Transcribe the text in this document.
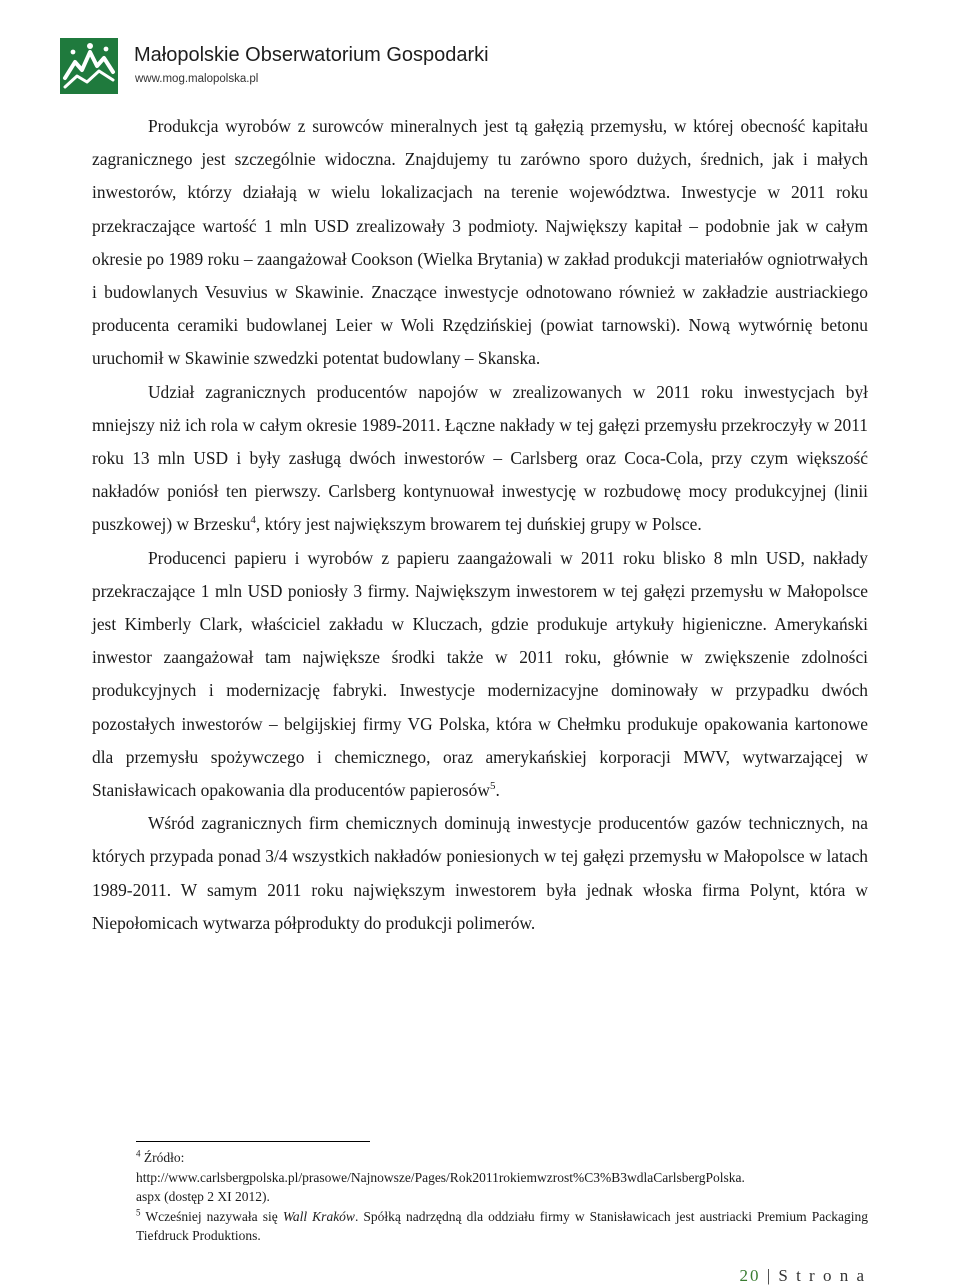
Małopolskie Obserwatorium Gospodarki
www.mog.malopolska.pl

Produkcja wyrobów z surowców mineralnych jest tą gałęzią przemysłu, w której obecność kapitału zagranicznego jest szczególnie widoczna. Znajdujemy tu zarówno sporo dużych, średnich, jak i małych inwestorów, którzy działają w wielu lokalizacjach na terenie województwa. Inwestycje w 2011 roku przekraczające wartość 1 mln USD zrealizowały 3 podmioty. Największy kapitał – podobnie jak w całym okresie po 1989 roku – zaangażował Cookson (Wielka Brytania) w zakład produkcji materiałów ogniotrwałych i budowlanych Vesuvius w Skawinie. Znaczące inwestycje odnotowano również w zakładzie austriackiego producenta ceramiki budowlanej Leier w Woli Rzędzińskiej (powiat tarnowski). Nową wytwórnię betonu uruchomił w Skawinie szwedzki potentat budowlany – Skanska.

Udział zagranicznych producentów napojów w zrealizowanych w 2011 roku inwestycjach był mniejszy niż ich rola w całym okresie 1989-2011. Łączne nakłady w tej gałęzi przemysłu przekroczyły w 2011 roku 13 mln USD i były zasługą dwóch inwestorów – Carlsberg oraz Coca-Cola, przy czym większość nakładów poniósł ten pierwszy. Carlsberg kontynuował inwestycję w rozbudowę mocy produkcyjnej (linii puszkowej) w Brzesku$^4$, który jest największym browarem tej duńskiej grupy w Polsce.

Producenci papieru i wyrobów z papieru zaangażowali w 2011 roku blisko 8 mln USD, nakłady przekraczające 1 mln USD poniosły 3 firmy. Największym inwestorem w tej gałęzi przemysłu w Małopolsce jest Kimberly Clark, właściciel zakładu w Kluczach, gdzie produkuje artykuły higieniczne. Amerykański inwestor zaangażował tam największe środki także w 2011 roku, głównie w zwiększenie zdolności produkcyjnych i modernizację fabryki. Inwestycje modernizacyjne dominowały w przypadku dwóch pozostałych inwestorów – belgijskiej firmy VG Polska, która w Chełmku produkuje opakowania kartonowe dla przemysłu spożywczego i chemicznego, oraz amerykańskiej korporacji MWV, wytwarzającej w Stanisławicach opakowania dla producentów papierosów$^5$.

Wśród zagranicznych firm chemicznych dominują inwestycje producentów gazów technicznych, na których przypada ponad 3/4 wszystkich nakładów poniesionych w tej gałęzi przemysłu w Małopolsce w latach 1989-2011. W samym 2011 roku największym inwestorem była jednak włoska firma Polynt, która w Niepołomicach wytwarza półprodukty do produkcji polimerów.

$^4$ Źródło:
http://www.carlsbergpolska.pl/prasowe/Najnowsze/Pages/Rok2011rokiemwzrost%C3%B3wdlaCarlsbergPolska.
aspx (dostęp 2 XI 2012).

$^5$ Wcześniej nazywała się Wall Kraków. Spółką nadrzędną dla oddziału firmy w Stanisławicach jest austriacki Premium Packaging Tiefdruck Produktions.

20 | S t r o n a
